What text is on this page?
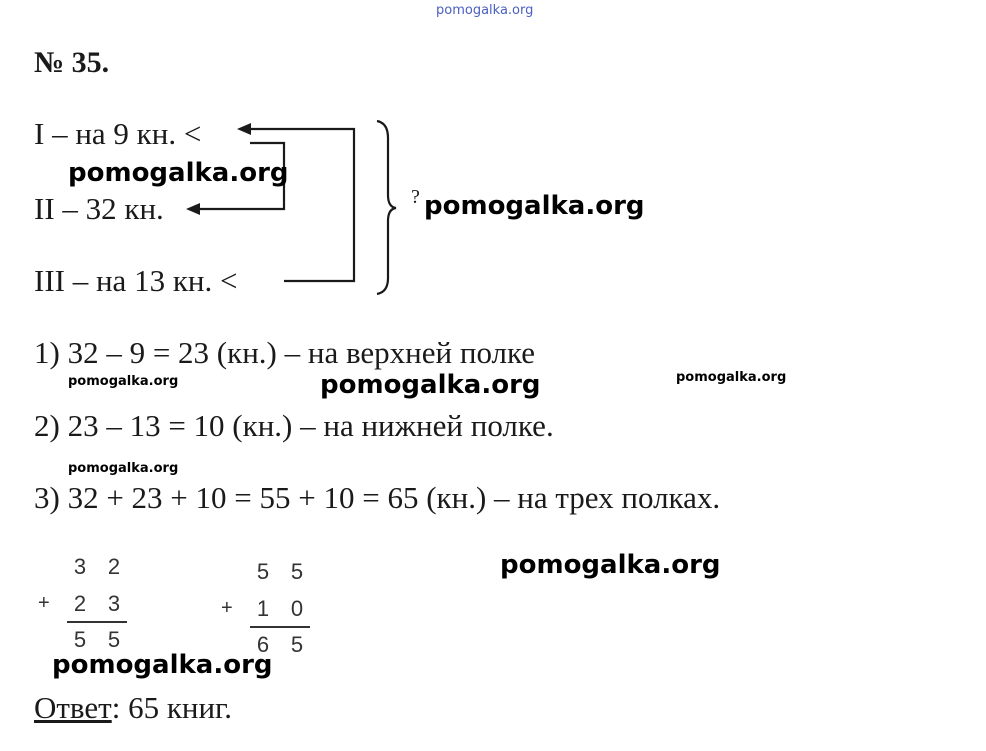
pomogalka.org
№ 35.
I – на 9 кн. <
II – 32 кн.
III – на 13 кн. <
?
1) 32 – 9 = 23 (кн.) – на верхней полке
2) 23 – 13 = 10 (кн.) – на нижней полке.
3) 32 + 23 + 10 = 55 + 10 = 65 (кн.) – на трех полках.
3 2
+ 2 3
5 5
5 5
+ 1 0
6 5
Ответ: 65 книг.
pomogalka.org
pomogalka.org
pomogalka.org
pomogalka.org
pomogalka.org
pomogalka.org	pomogalka.org
pomogalka.org
